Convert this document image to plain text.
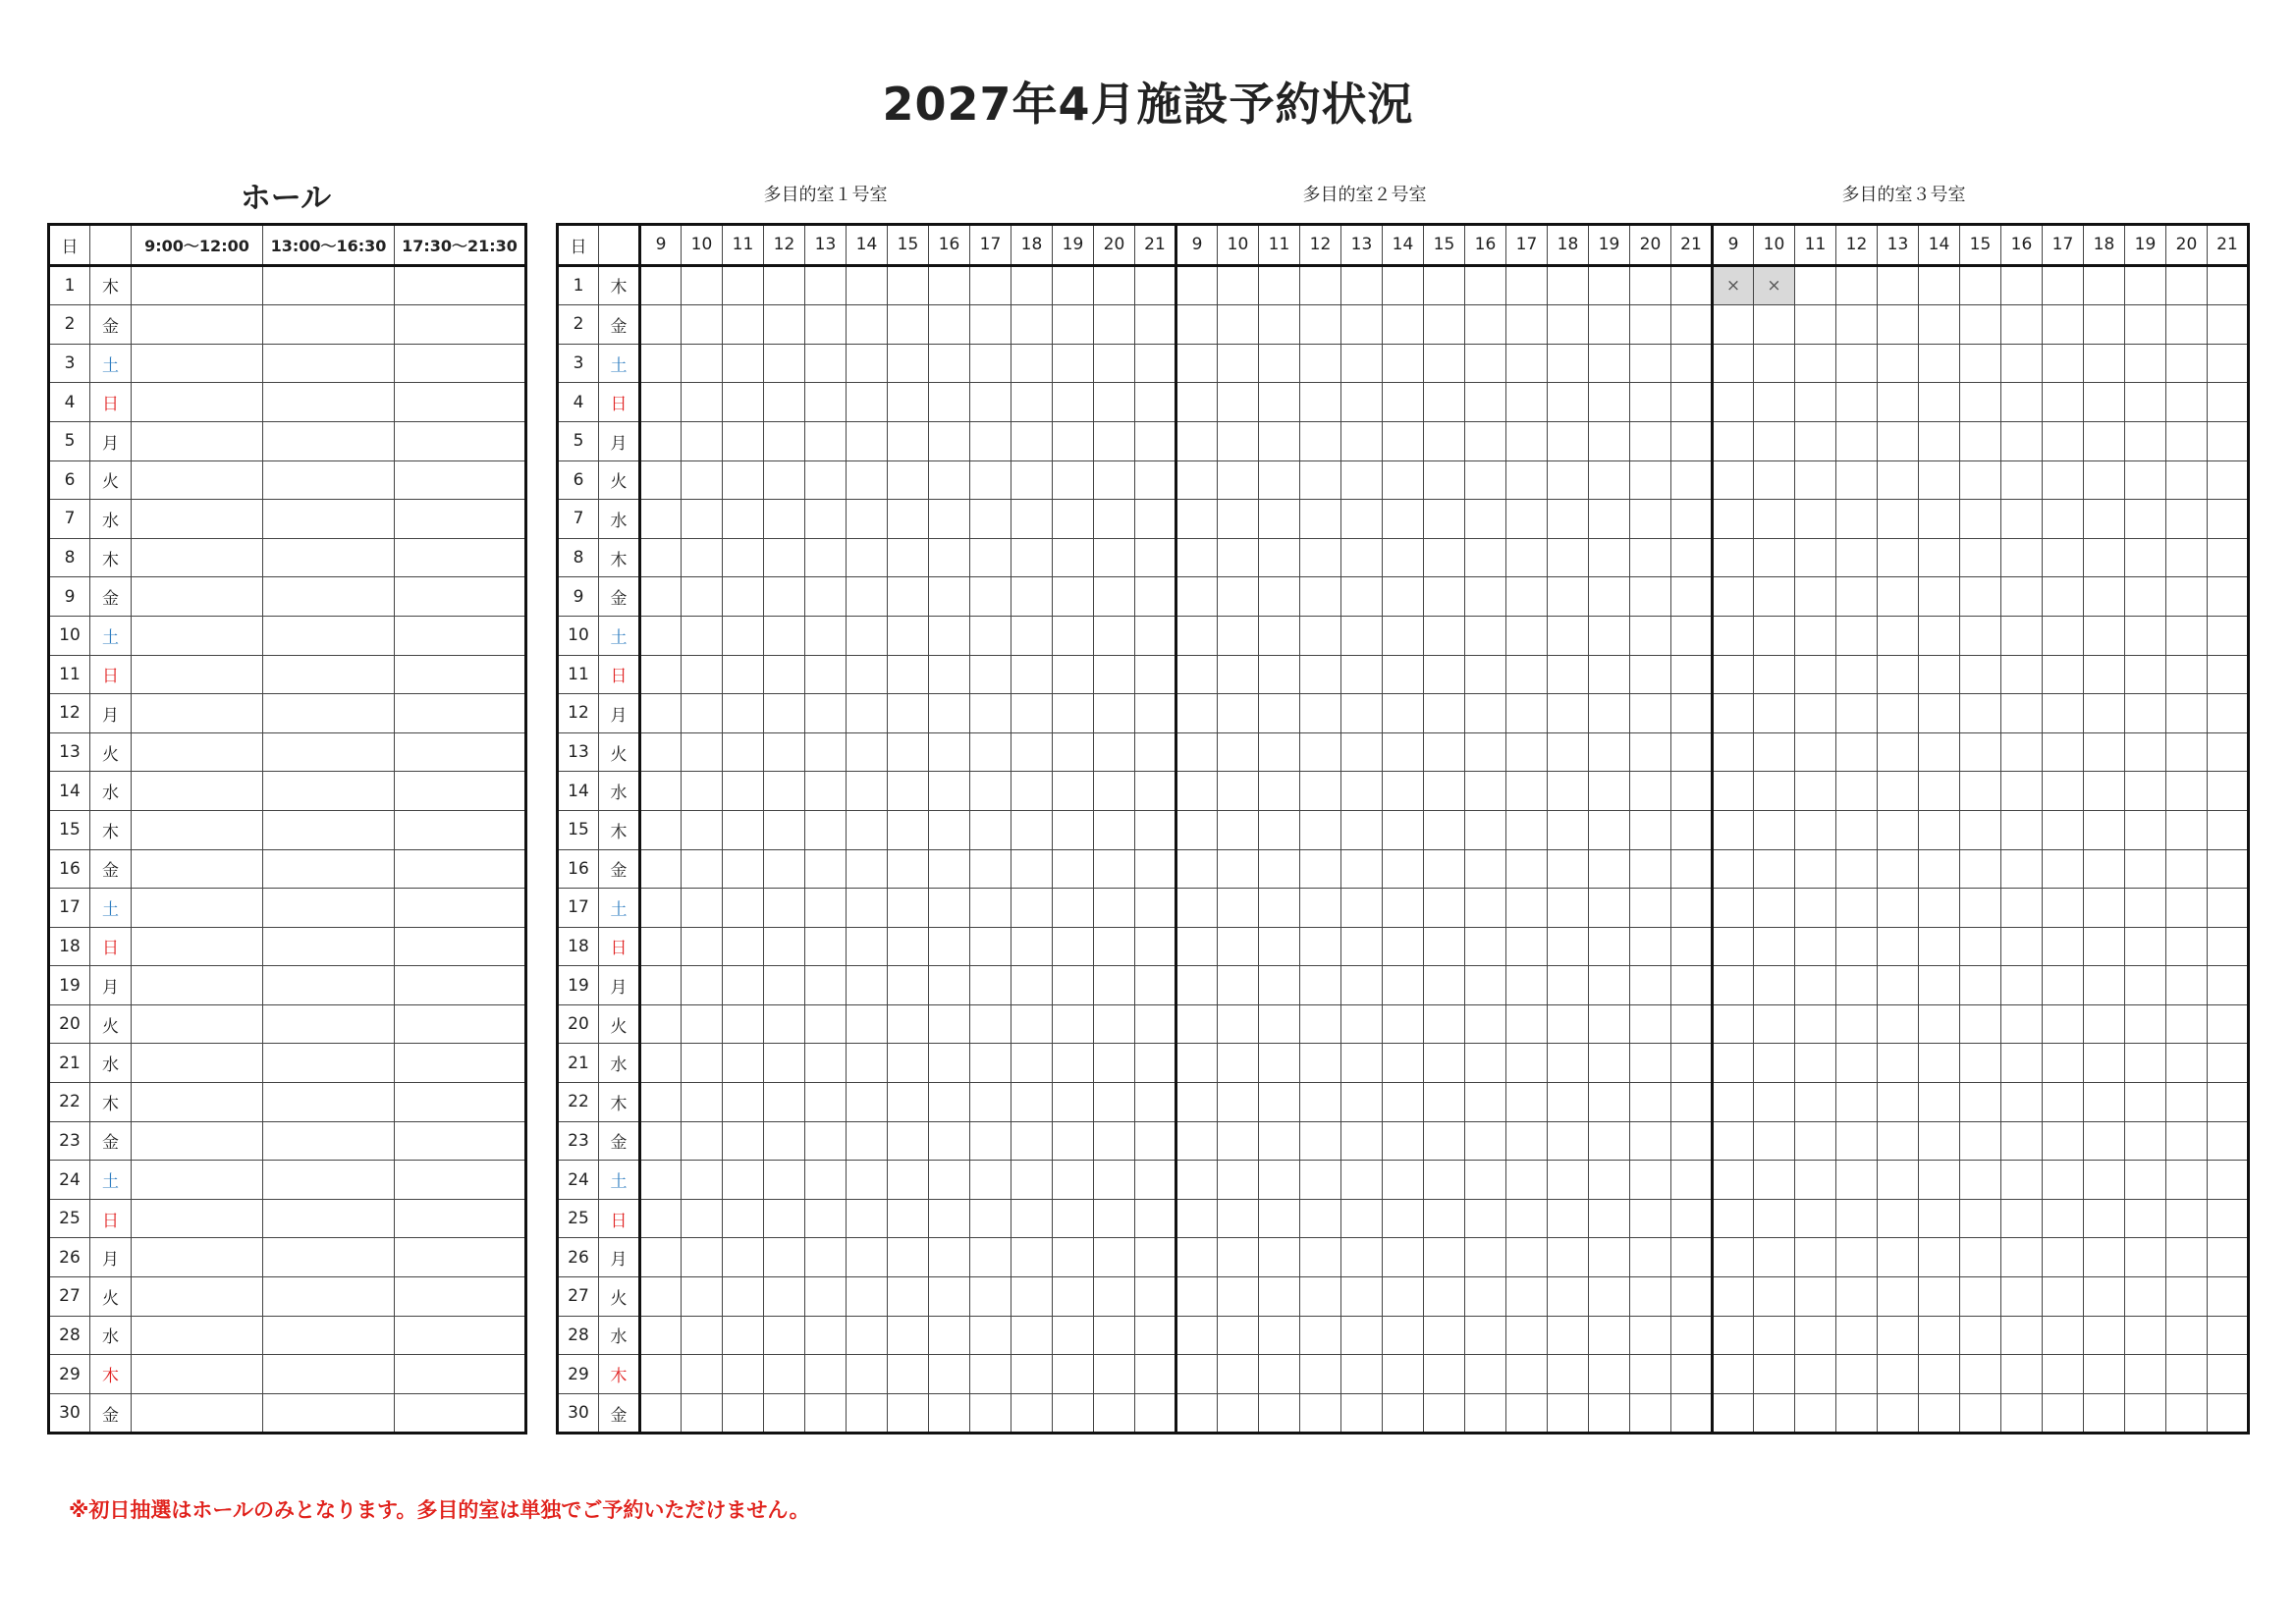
2027年4月施設予約状況
ホール	多目的室１号室	多目的室２号室	多目的室３号室
日		9:00～12:00	13:00～16:30	17:30～21:30
1	木			
2	金			
3	土			
4	日			
5	月			
6	火			
7	水			
8	木			
9	金			
10	土			
11	日			
12	月			
13	火			
14	水			
15	木			
16	金			
17	土			
18	日			
19	月			
20	火			
21	水			
22	木			
23	金			
24	土			
25	日			
26	月			
27	火			
28	水			
29	木			
30	金			
日		9	10	11	12	13	14	15	16	17	18	19	20	21	9	10	11	12	13	14	15	16	17	18	19	20	21	9	10	11	12	13	14	15	16	17	18	19	20	21
1	木																											×	×											
2	金																																							
3	土																																							
4	日																																							
5	月																																							
6	火																																							
7	水																																							
8	木																																							
9	金																																							
10	土																																							
11	日																																							
12	月																																							
13	火																																							
14	水																																							
15	木																																							
16	金																																							
17	土																																							
18	日																																							
19	月																																							
20	火																																							
21	水																																							
22	木																																							
23	金																																							
24	土																																							
25	日																																							
26	月																																							
27	火																																							
28	水																																							
29	木																																							
30	金																																							
※初日抽選はホールのみとなります。多目的室は単独でご予約いただけません。
